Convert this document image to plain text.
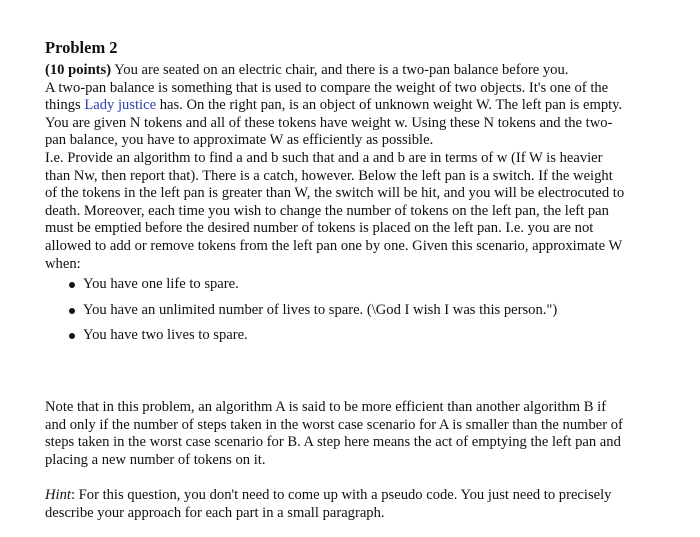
Problem 2

(10 points) You are seated on an electric chair, and there is a two-pan balance before you.
A two-pan balance is something that is used to compare the weight of two objects. It's one of the things Lady justice has. On the right pan, is an object of unknown weight W. The left pan is empty. You are given N tokens and all of these tokens have weight w. Using these N tokens and the two-pan balance, you have to approximate W as efficiently as possible.
I.e. Provide an algorithm to find a and b such that and a and b are in terms of w (If W is heavier than Nw, then report that). There is a catch, however. Below the left pan is a switch. If the weight of the tokens in the left pan is greater than W, the switch will be hit, and you will be electrocuted to death. Moreover, each time you wish to change the number of tokens on the left pan, the left pan must be emptied before the desired number of tokens is placed on the left pan. I.e. you are not allowed to add or remove tokens from the left pan one by one. Given this scenario, approximate W when:

You have one life to spare.
You have an unlimited number of lives to spare. (\God I wish I was this person.")
You have two lives to spare.

Note that in this problem, an algorithm A is said to be more efficient than another algorithm B if and only if the number of steps taken in the worst case scenario for A is smaller than the number of steps taken in the worst case scenario for B. A step here means the act of emptying the left pan and placing a new number of tokens on it.

Hint: For this question, you don't need to come up with a pseudo code. You just need to precisely describe your approach for each part in a small paragraph.
